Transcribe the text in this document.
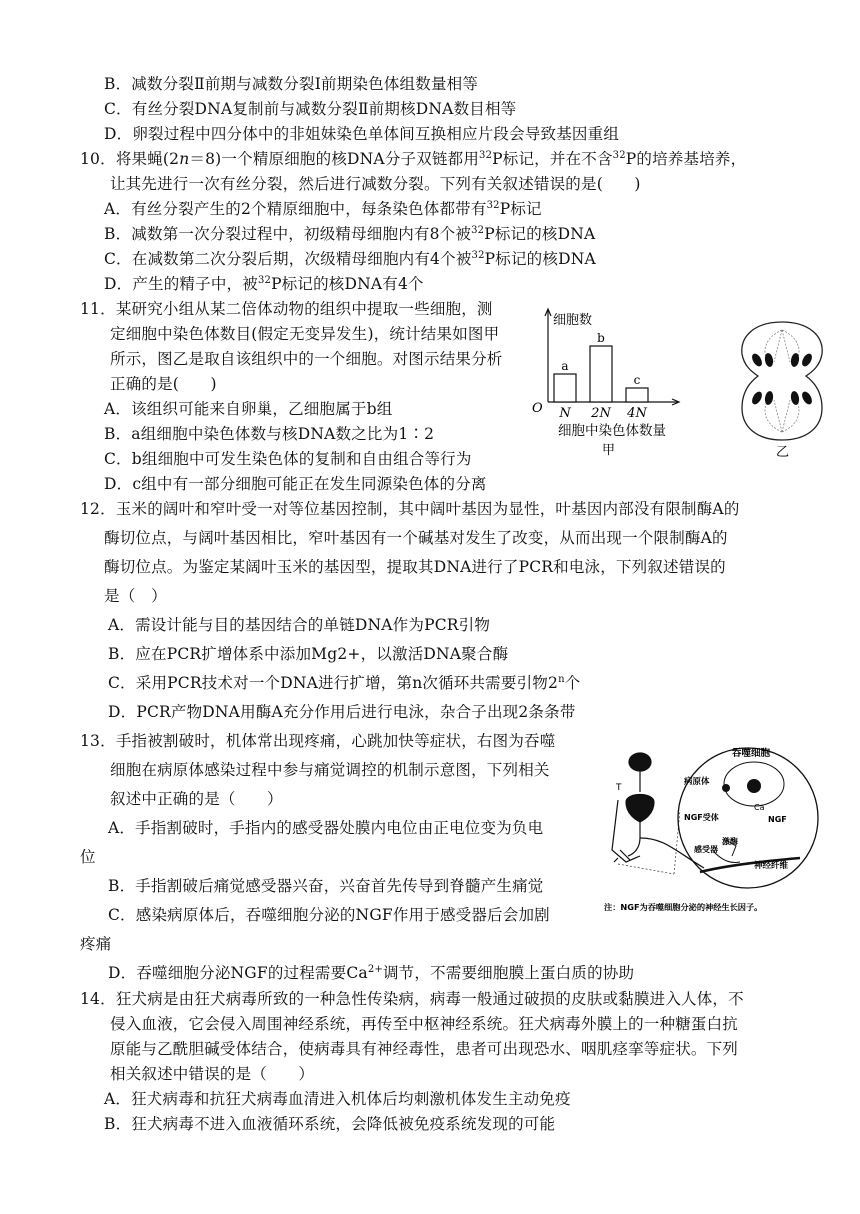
B．减数分裂Ⅱ前期与减数分裂Ⅰ前期染色体组数量相等
C．有丝分裂DNA复制前与减数分裂Ⅱ前期核DNA数目相等
D．卵裂过程中四分体中的非姐妹染色单体间互换相应片段会导致基因重组
10．将果蝇(2n＝8)一个精原细胞的核DNA分子双链都用$^{32}$P标记，并在不含$^{32}$P的培养基培养，
让其先进行一次有丝分裂，然后进行减数分裂。下列有关叙述错误的是(　　)
A．有丝分裂产生的2个精原细胞中，每条染色体都带有$^{32}$P标记
B．减数第一次分裂过程中，初级精母细胞内有8个被$^{32}$P标记的核DNA
C．在减数第二次分裂后期，次级精母细胞内有4个被$^{32}$P标记的核DNA
D．产生的精子中，被$^{32}$P标记的核DNA有4个
11．某研究小组从某二倍体动物的组织中提取一些细胞，测
定细胞中染色体数目(假定无变异发生)，统计结果如图甲
所示，图乙是取自该组织中的一个细胞。对图示结果分析
正确的是(　　)
A．该组织可能来自卵巢，乙细胞属于b组
B．a组细胞中染色体数与核DNA数之比为1∶2
C．b组细胞中可发生染色体的复制和自由组合等行为
D．c组中有一部分细胞可能正在发生同源染色体的分离
a
N
b
2N
c
4N
细胞数
O
细胞中染色体数量
甲	乙
12．玉米的阔叶和窄叶受一对等位基因控制，其中阔叶基因为显性，叶基因内部没有限制酶A的
酶切位点，与阔叶基因相比，窄叶基因有一个碱基对发生了改变，从而出现一个限制酶A的
酶切位点。为鉴定某阔叶玉米的基因型，提取其DNA进行了PCR和电泳，下列叙述错误的
是（　）
A．需设计能与目的基因结合的单链DNA作为PCR引物
B．应在PCR扩增体系中添加Mg2+，以激活DNA聚合酶
C．采用PCR技术对一个DNA进行扩增，第n次循环共需要引物2$^n$个
D．PCR产物DNA用酶A充分作用后进行电泳，杂合子出现2条条带
13．手指被割破时，机体常出现疼痛，心跳加快等症状，右图为吞噬
细胞在病原体感染过程中参与痛觉调控的机制示意图，下列相关
叙述中正确的是（　　）
A．手指割破时，手指内的感受器处膜内电位由正电位变为负电
位
B．手指割破后痛觉感受器兴奋，兴奋首先传导到脊髓产生痛觉
C．感染病原体后，吞噬细胞分泌的NGF作用于感受器后会加剧
疼痛
D．吞噬细胞分泌NGF的过程需要$Ca^{2+}$调节，不需要细胞膜上蛋白质的协助
T
吞噬细胞
病原体
Ca
NGF
NGF受体
激酶
感受器
神经纤维
注：NGF为吞噬细胞分泌的神经生长因子。
14．狂犬病是由狂犬病毒所致的一种急性传染病，病毒一般通过破损的皮肤或黏膜进入人体，不
侵入血液，它会侵入周围神经系统，再传至中枢神经系统。狂犬病毒外膜上的一种糖蛋白抗
原能与乙酰胆碱受体结合，使病毒具有神经毒性，患者可出现恐水、咽肌痉挛等症状。下列
相关叙述中错误的是（　　）
A．狂犬病毒和抗狂犬病毒血清进入机体后均刺激机体发生主动免疫
B．狂犬病毒不进入血液循环系统，会降低被免疫系统发现的可能
